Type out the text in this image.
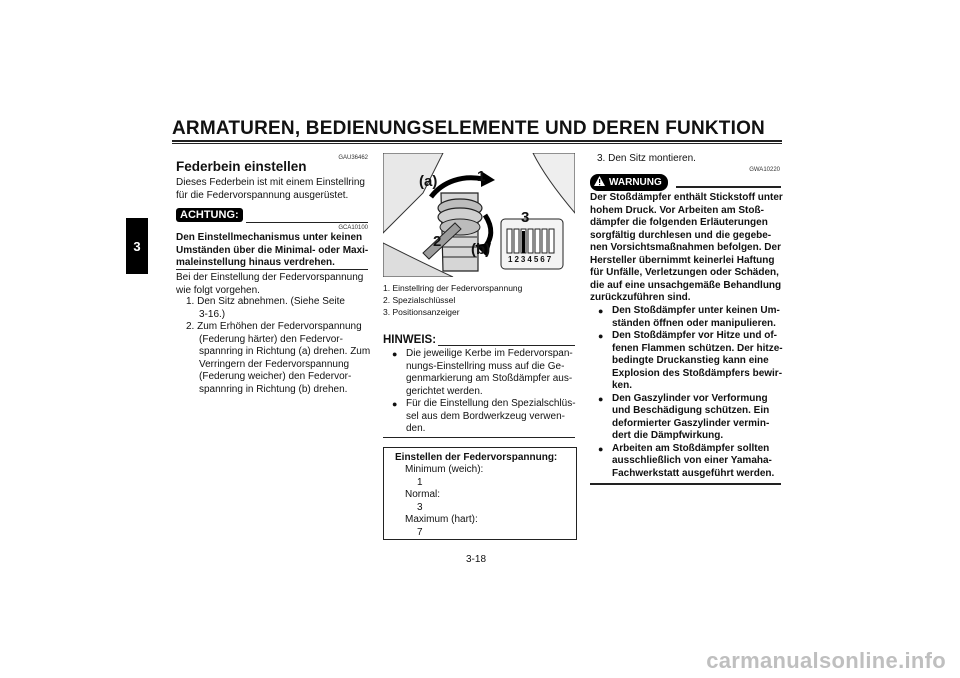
ARMATUREN, BEDIENUNGSELEMENTE UND DEREN FUNKTION
3
GAU36462
Federbein einstellen
Dieses Federbein ist mit einem Einstellring
für die Federvorspannung ausgerüstet.
ACHTUNG:
GCA10100
Den Einstellmechanismus unter keinen
Umständen über die Minimal- oder Maxi-
maleinstellung hinaus verdrehen.
Bei der Einstellung der Federvorspannung
wie folgt vorgehen.
1. Den Sitz abnehmen. (Siehe Seite
3-16.)
2. Zum Erhöhen der Federvorspannung
(Federung härter) den Federvor-
spannring in Richtung (a) drehen. Zum
Verringern der Federvorspannung
(Federung weicher) den Federvor-
spannring in Richtung (b) drehen.
(a)	1
3
2 (b)
1 2 3 4 5 6 7
1. Einstellring der Federvorspannung
2. Spezialschlüssel
3. Positionsanzeiger
HINWEIS:
● Die jeweilige Kerbe im Federvorspan-
nungs-Einstellring muss auf die Ge-
genmarkierung am Stoßdämpfer aus-
gerichtet werden.
● Für die Einstellung den Spezialschlüs-
sel aus dem Bordwerkzeug verwen-
den.
Einstellen der Federvorspannung:
Minimum (weich):
1
Normal:
3
Maximum (hart):
7
3. Den Sitz montieren.
GWA10220
WARNUNG
Der Stoßdämpfer enthält Stickstoff unter
hohem Druck. Vor Arbeiten am Stoß-
dämpfer die folgenden Erläuterungen
sorgfältig durchlesen und die gegebe-
nen Vorsichtsmaßnahmen befolgen. Der
Hersteller übernimmt keinerlei Haftung
für Unfälle, Verletzungen oder Schäden,
die auf eine unsachgemäße Behandlung
zurückzuführen sind.
● Den Stoßdämpfer unter keinen Um-
ständen öffnen oder manipulieren.
● Den Stoßdämpfer vor Hitze und of-
fenen Flammen schützen. Der hitze-
bedingte Druckanstieg kann eine
Explosion des Stoßdämpfers bewir-
ken.
● Den Gaszylinder vor Verformung
und Beschädigung schützen. Ein
deformierter Gaszylinder vermin-
dert die Dämpfwirkung.
● Arbeiten am Stoßdämpfer sollten
ausschließlich von einer Yamaha-
Fachwerkstatt ausgeführt werden.
3-18
carmanualsonline.info
